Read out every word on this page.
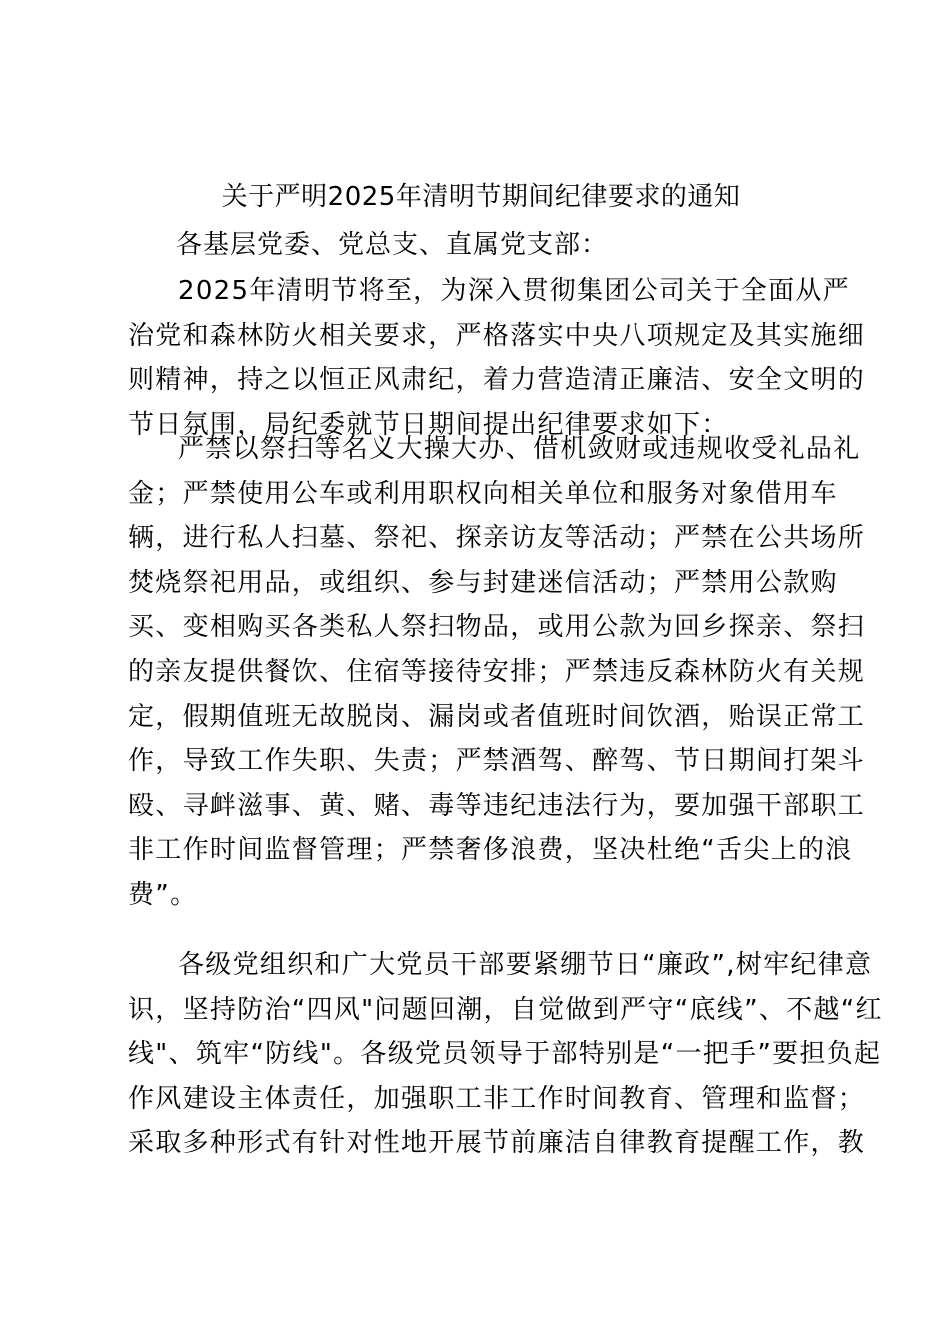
关于严明2025年清明节期间纪律要求的通知
各基层党委、党总支、直属党支部：
2025年清明节将至，为深入贯彻集团公司关于全面从严
治党和森林防火相关要求，严格落实中央八项规定及其实施细
则精神，持之以恒正风肃纪，着力营造清正廉洁、安全文明的
节日氛围，局纪委就节日期间提出纪律要求如下：
严禁以祭扫等名义大操大办、借机敛财或违规收受礼品礼
金；严禁使用公车或利用职权向相关单位和服务对象借用车
辆，进行私人扫墓、祭祀、探亲访友等活动；严禁在公共场所
焚烧祭祀用品，或组织、参与封建迷信活动；严禁用公款购
买、变相购买各类私人祭扫物品，或用公款为回乡探亲、祭扫
的亲友提供餐饮、住宿等接待安排；严禁违反森林防火有关规
定，假期值班无故脱岗、漏岗或者值班时间饮酒，贻误正常工
作，导致工作失职、失责；严禁酒驾、醉驾、节日期间打架斗
殴、寻衅滋事、黄、赌、毒等违纪违法行为，要加强干部职工
非工作时间监督管理；严禁奢侈浪费，坚决杜绝“舌尖上的浪
费”。
各级党组织和广大党员干部要紧绷节日“廉政”,树牢纪律意
识，坚持防治“四风"问题回潮，自觉做到严守“底线”、不越“红
线"、筑牢“防线"。各级党员领导于部特别是“一把手”要担负起
作风建设主体责任，加强职工非工作时间教育、管理和监督；
采取多种形式有针对性地开展节前廉洁自律教育提醒工作，教
